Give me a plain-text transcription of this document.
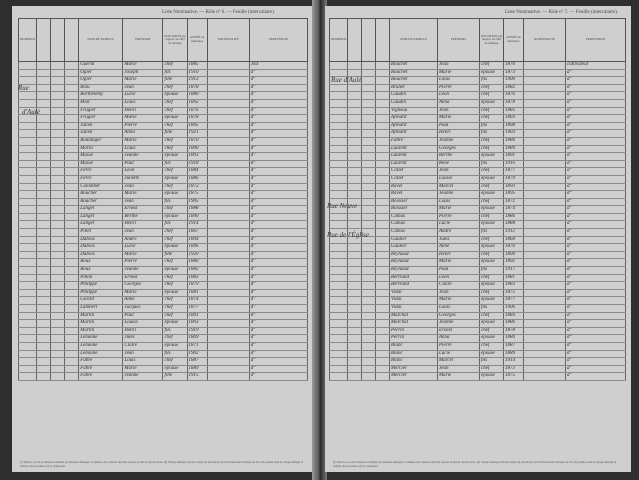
Liste Nominative. — Rôle nº 6. — Feuille (intercalaire).
NUMÉROS				NOM DE FAMILLE	PRÉNOMS	SITUATION par rapport au chef de ménage	ANNÉE de naissance	NATIONALITÉ	PROFESSION
				Guérin	Marie	chef	1885		Jnd
				Ogier	Joseph	fils	1910		d°
				Ogier	Marie	fille	1913		d°
				Riou	Jean	chef	1878		d°
				Barthélemy	Lucie	épouse	1880		d°
				Miot	Louis	chef	1892		d°
				Frugier	Henri	chef	1876		d°
				Frugier	Marie	épouse	1878		d°
				Julien	Pierre	chef	1895		d°
				Julien	Anna	fille	1921		d°
				Boulanger	Marie	chef	1870		d°
				Morin	Louis	chef	1890		d°
				Massé	Jeanne	épouse	1893		d°
				Massé	Paul	fils	1918		d°
				Ferré	Léon	chef	1884		d°
				Ferré	Juliette	épouse	1886		d°
				Colombet	Jean	chef	1872		d°
				Bouchet	Marie	épouse	1875		d°
				Bouchet	Jean	fils	1905		d°
				Langet	Ernest	chef	1888		d°
				Langet	Berthe	épouse	1890		d°
				Langet	Henri	fils	1914		d°
				Pillet	Jean	chef	1867		d°
				Dubois	André	chef	1894		d°
				Dubois	Lucie	épouse	1896		d°
				Dubois	Marie	fille	1920		d°
				Roux	Pierre	chef	1880		d°
				Roux	Jeanne	épouse	1882		d°
				Pillon	Ernest	chef	1883		d°
				Philippe	Georges	chef	1879		d°
				Philippe	Marie	épouse	1881		d°
				Girard	Anne	chef	1874		d°
				Lambert	Jacques	chef	1877		d°
				Martin	Paul	chef	1891		d°
				Martin	Louise	épouse	1893		d°
				Martin	Henri	fils	1919		d°
				Lemoine	Jules	chef	1869		d°
				Lemoine	Claire	épouse	1871		d°
				Lemoine	Jean	fils	1902		d°
				Fabre	Louis	chef	1887		d°
				Fabre	Marie	épouse	1889		d°
				Fabre	Jeanne	fille	1915		d°
Rue
d'Aulé
(1) Dans le cas où la maison est habitée par plusieurs ménages, le numéro de la maison doit être reporté en tête de chacun d'eux. (2) Chaque ménage doit être séparé du suivant par un trait horizontal. Indiquer en face du premier nom de chaque ménage le nombre des personnes qui le composent.
Liste Nominative. — Rôle nº 7. — Feuille (intercalaire).
NUMÉROS				NOM DE FAMILLE	PRÉNOMS	SITUATION par rapport au chef de ménage	ANNÉE de naissance	NATIONALITÉ	PROFESSION
				Bouchet	Jean	chef	1870		cultivateur
				Bouchet	Marie	épouse	1873		d°
				Bouchet	Louis	fils	1900		d°
				Brunet	Pierre	chef	1882		d°
				Gaudin	Léon	chef	1876		d°
				Gaudin	Anna	épouse	1878		d°
				Vigneau	Jean	chef	1885		d°
				Aymard	Marie	chef	1869		d°
				Aymard	Paul	fils	1898		d°
				Aymard	Henri	fils	1903		d°
				Fabre	Jeanne	chef	1880		d°
				Laurent	Georges	chef	1889		d°
				Laurent	Berthe	épouse	1891		d°
				Laurent	René	fils	1916		d°
				Collet	Jean	chef	1877		d°
				Collet	Louise	épouse	1879		d°
				Ravel	Marcel	chef	1893		d°
				Ravel	Jeanne	épouse	1895		d°
				Boissier	Louis	chef	1872		d°
				Boissier	Marie	épouse	1874		d°
				Camus	Pierre	chef	1886		d°
				Camus	Lucie	épouse	1888		d°
				Camus	André	fils	1912		d°
				Gautier	Jules	chef	1868		d°
				Gautier	Anne	épouse	1870		d°
				Reynaud	Henri	chef	1890		d°
				Reynaud	Marie	épouse	1892		d°
				Reynaud	Paul	fils	1917		d°
				Bertrand	Léon	chef	1881		d°
				Bertrand	Claire	épouse	1883		d°
				Vidal	Jean	chef	1875		d°
				Vidal	Marie	épouse	1877		d°
				Vidal	Louis	fils	1906		d°
				Marchal	Georges	chef	1884		d°
				Marchal	Jeanne	épouse	1886		d°
				Perrin	Ernest	chef	1878		d°
				Perrin	Anna	épouse	1880		d°
				Blanc	Pierre	chef	1887		d°
				Blanc	Lucie	épouse	1889		d°
				Blanc	Marcel	fils	1914		d°
				Mercier	Jean	chef	1873		d°
				Mercier	Marie	épouse	1875		d°
Rue d'Aulé
Rue Neuve
Rue de l'Église
(1) Dans le cas où la maison est habitée par plusieurs ménages, le numéro de la maison doit être reporté en tête de chacun d'eux. (2) Chaque ménage doit être séparé du suivant par un trait horizontal. Indiquer en face du premier nom de chaque ménage le nombre des personnes qui le composent.
